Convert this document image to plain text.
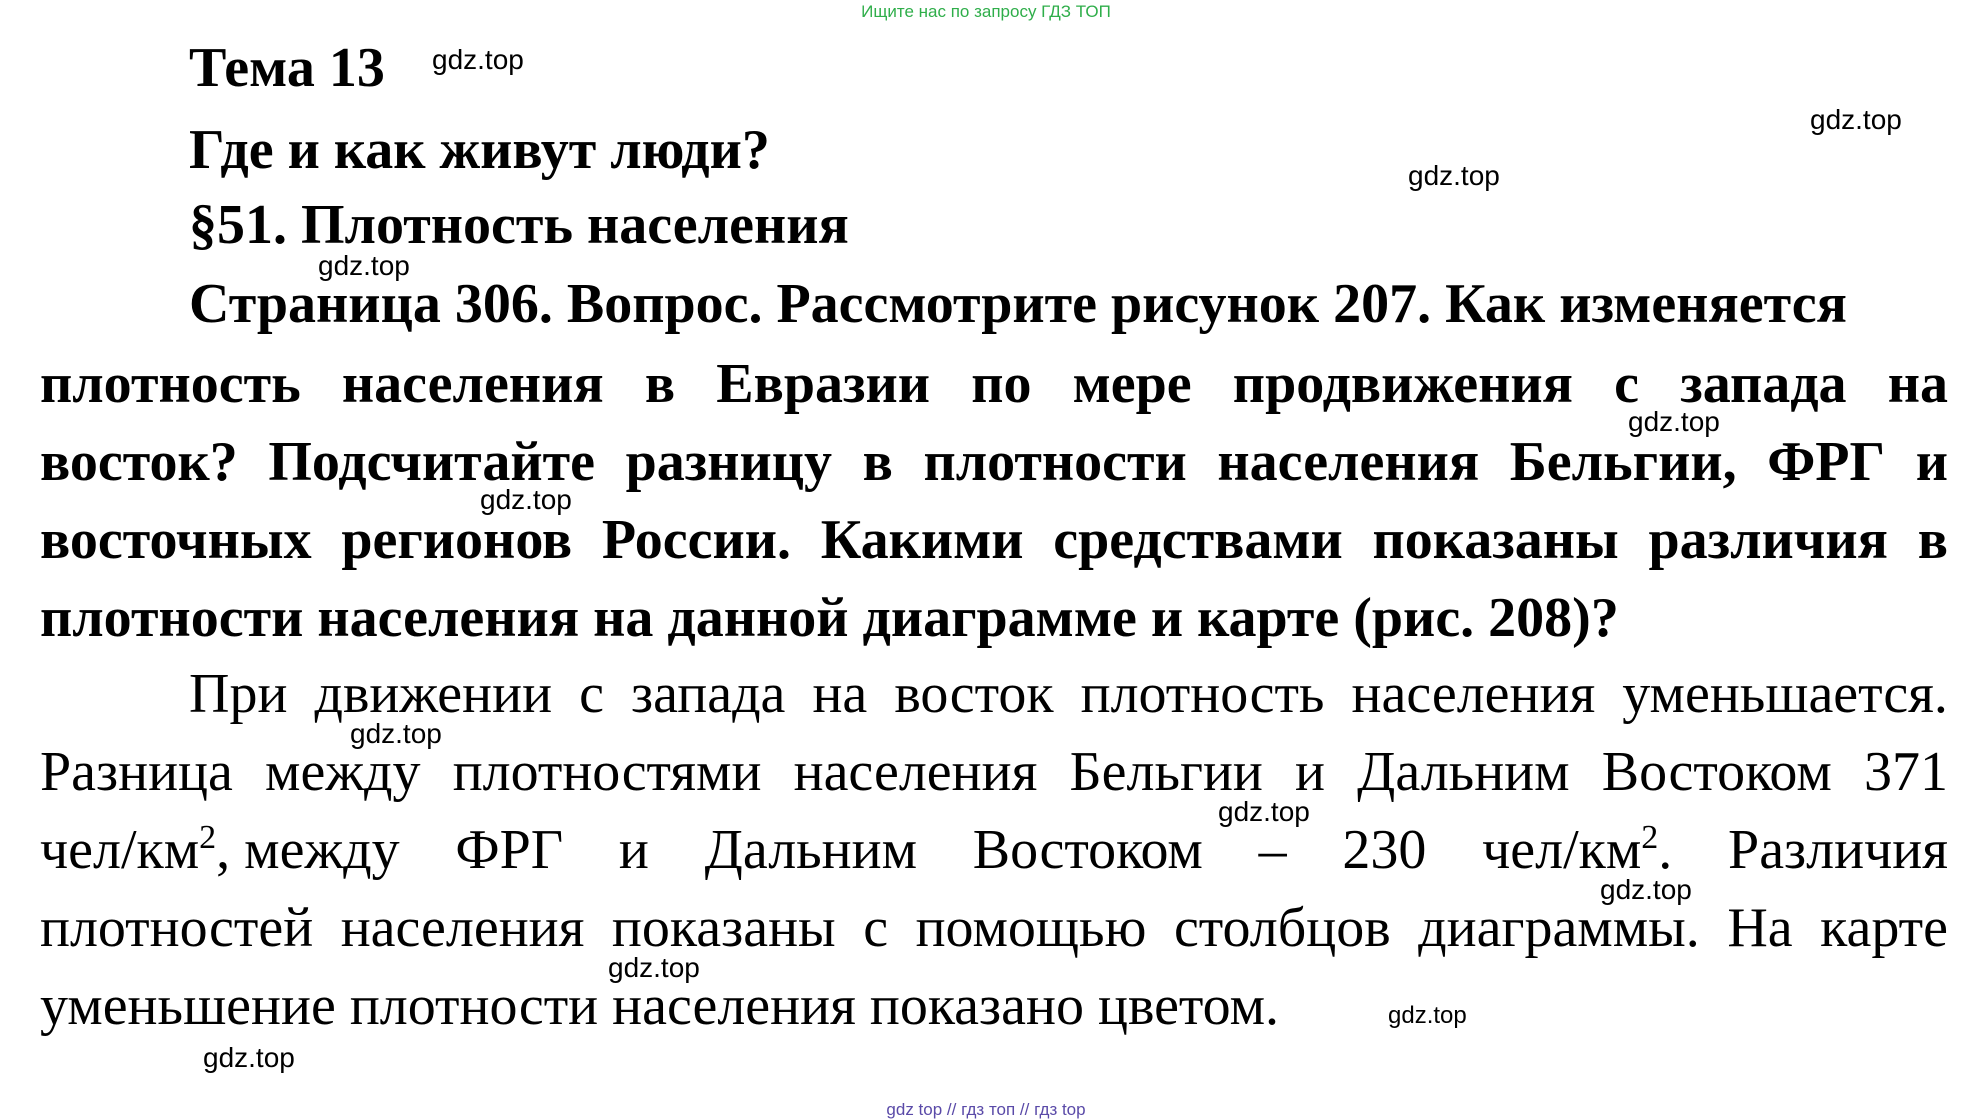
Ищите нас по запросу ГДЗ ТОП
Тема 13
Где и как живут люди?
§51. Плотность населения
Страница 306. Вопрос. Рассмотрите рисунок 207. Как изменяется
плотность населения в Евразии по мере продвижения с запада на
восток? Подсчитайте разницу в плотности населения Бельгии, ФРГ и
восточных регионов России. Какими средствами показаны различия в
плотности населения на данной диаграмме и карте (рис. 208)?
При движении с запада на восток плотность населения уменьшается.
Разница между плотностями населения Бельгии и Дальним Востоком 371
чел/$км^2$, между ФРГ и Дальним Востоком – 230 чел/$км^2$. Различия
плотностей населения показаны с помощью столбцов диаграммы. На карте
уменьшение плотности населения показано цветом.
gdz.top
gdz.top
gdz.top
gdz.top
gdz.top
gdz.top
gdz.top
gdz.top
gdz.top
gdz.top
gdz.top
gdz.top
gdz top // гдз топ // гдз top
